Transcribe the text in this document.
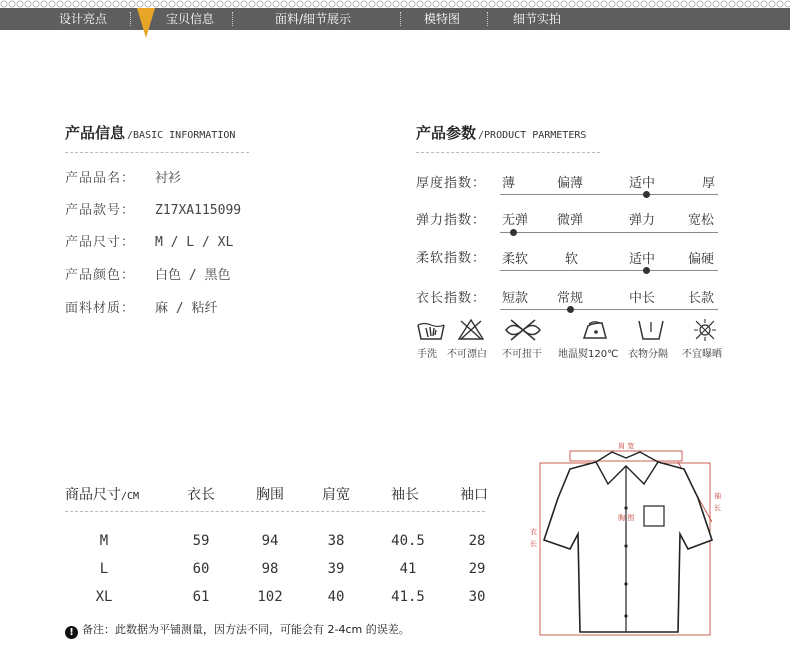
设计亮点	宝贝信息	面料/细节展示	模特图	细节实拍
产品信息 /BASIC INFORMATION
产品品名： 衬衫
产品款号： Z17XA115099
产品尺寸： M / L / XL
产品颜色： 白色 / 黑色
面料材质： 麻 / 粘纤
产品参数 /PRODUCT PARMETERS
厚度指数： 薄	偏薄	适中	厚
弹力指数： 无弹 微弹	弹力	宽松
柔软指数： 柔软	软	适中	偏硬
衣长指数： 短款 常规	中长	长款
手洗 不可漂白 不可扭干 地温熨120℃ 衣物分隔 不宜曝晒
商品尺寸/CM	衣长	胸围	肩宽	袖长	袖口
M	59	94	38	40.5	28
L	60	98	39	41	29
XL	61	102	40	41.5	30
! 备注：此数据为平铺测量，因方法不同，可能会有 2-4cm 的误差。
肩 宽
胸 围
袖
长
衣
长
